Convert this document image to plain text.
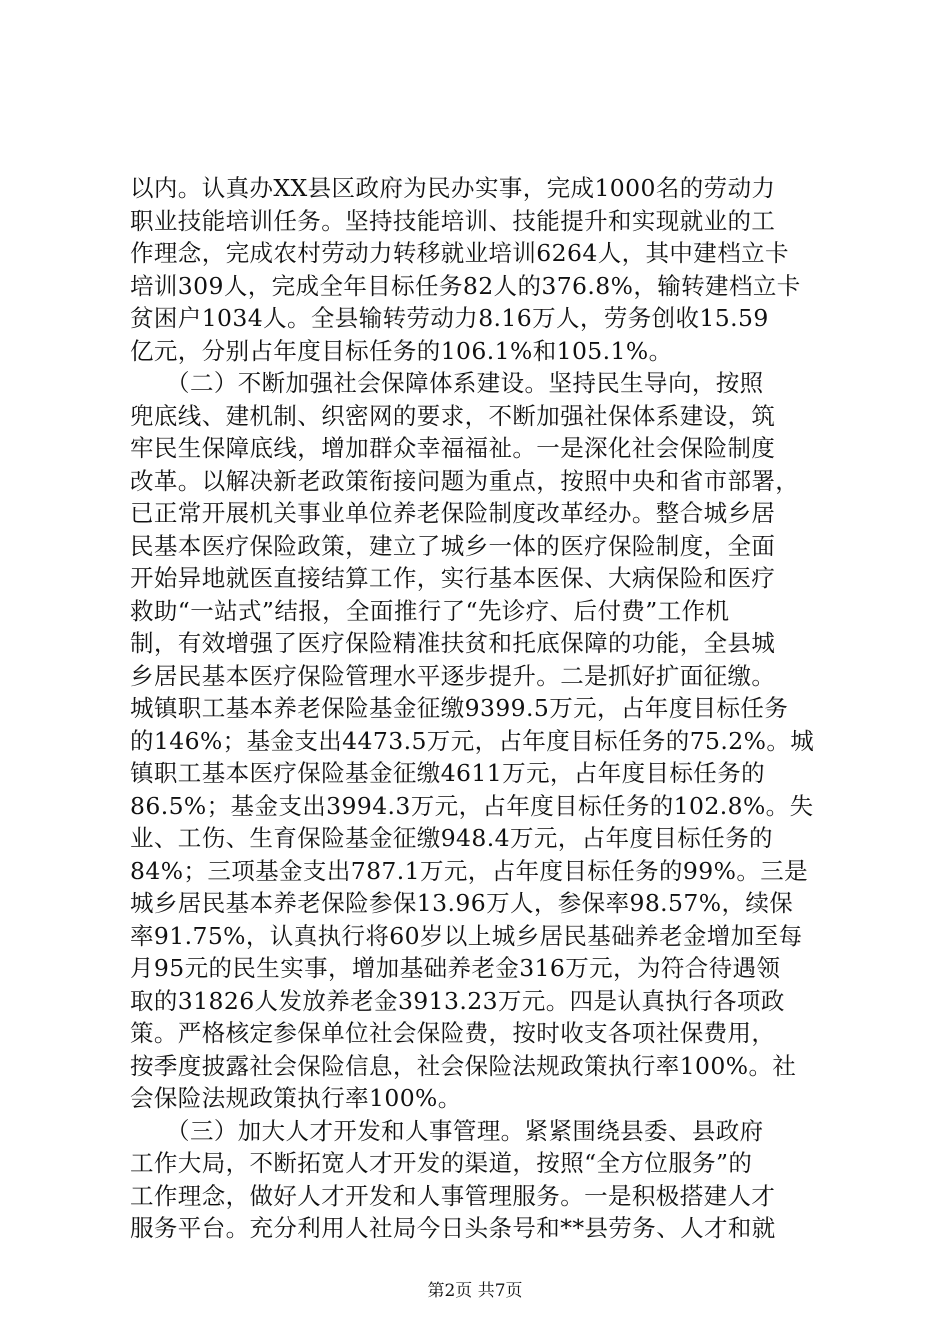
以内。认真办XX县区政府为民办实事，完成1000名的劳动力
职业技能培训任务。坚持技能培训、技能提升和实现就业的工
作理念，完成农村劳动力转移就业培训6264人，其中建档立卡
培训309人，完成全年目标任务82人的376.8%，输转建档立卡
贫困户1034人。全县输转劳动力8.16万人，劳务创收15.59
亿元，分别占年度目标任务的106.1%和105.1%。
　　（二）不断加强社会保障体系建设。坚持民生导向，按照
兜底线、建机制、织密网的要求，不断加强社保体系建设，筑
牢民生保障底线，增加群众幸福福祉。一是深化社会保险制度
改革。以解决新老政策衔接问题为重点，按照中央和省市部署，
已正常开展机关事业单位养老保险制度改革经办。整合城乡居
民基本医疗保险政策，建立了城乡一体的医疗保险制度，全面
开始异地就医直接结算工作，实行基本医保、大病保险和医疗
救助“一站式”结报，全面推行了“先诊疗、后付费”工作机
制，有效增强了医疗保险精准扶贫和托底保障的功能，全县城
乡居民基本医疗保险管理水平逐步提升。二是抓好扩面征缴。
城镇职工基本养老保险基金征缴9399.5万元，占年度目标任务
的146%；基金支出4473.5万元，占年度目标任务的75.2%。城
镇职工基本医疗保险基金征缴4611万元，占年度目标任务的
86.5%；基金支出3994.3万元，占年度目标任务的102.8%。失
业、工伤、生育保险基金征缴948.4万元，占年度目标任务的
84%；三项基金支出787.1万元，占年度目标任务的99%。三是
城乡居民基本养老保险参保13.96万人，参保率98.57%，续保
率91.75%，认真执行将60岁以上城乡居民基础养老金增加至每
月95元的民生实事，增加基础养老金316万元，为符合待遇领
取的31826人发放养老金3913.23万元。四是认真执行各项政
策。严格核定参保单位社会保险费，按时收支各项社保费用，
按季度披露社会保险信息，社会保险法规政策执行率100%。社
会保险法规政策执行率100%。
　　（三）加大人才开发和人事管理。紧紧围绕县委、县政府
工作大局，不断拓宽人才开发的渠道，按照“全方位服务”的
工作理念，做好人才开发和人事管理服务。一是积极搭建人才
服务平台。充分利用人社局今日头条号和**县劳务、人才和就
第2页 共7页
